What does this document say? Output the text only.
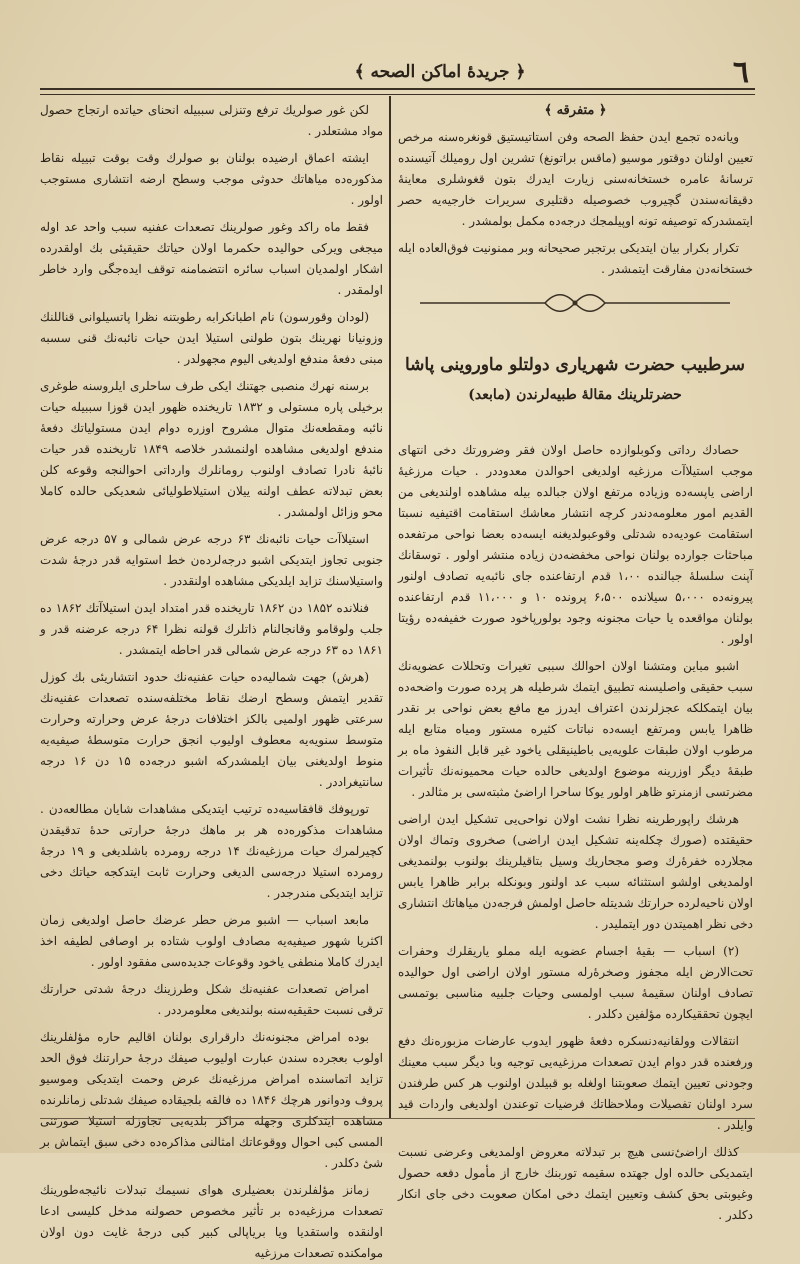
٦
﴿ جريدهٔ اماكن الصحه ﴾
﴿ متفرقه ﴾

ویانه‌ده تجمع ایدن حفظ الصحه وفن استاتیستیق قونغره‌سنه مرخص تعیین اولنان دوقتور موسیو (ماقس براتونغ) تشرین اول رومیلك آتیسنده ترسانهٔ عامره خستخانه‌سنی زیارت ایدرك بتون قغوشلری معاینهٔ دقیقانه‌سندن گچیروب خصوصیله دقتلیری سریرات خارجیه‌یه حصر ایتمشدرکه توصیفه تونه اوپیلمجك درجه‌ده مکمل بولمشدر .

تکرار بکرار بیان ایتدیکی برتجبر صحیحانه وبر ممنونیت فوق‌العاده ایله خستخانه‌دن مفارقت ایتمشدر .

سرطبیب حضرت شهریاری دولتلو ماوروینی پاشا
حضرتلرینك مقالهٔ طبیه‌لرندن (مابعد)

حصادك رداتی وكوبلوازده حاصل اولان فقر وضرورتك دخی انتهای موجب استیلاآت مرزغیه اولدیغی احوالدن معدوددر . حیات مرزغیهٔ اراضی یاپسه‌ده وزیاده مرتفع اولان جبالده بیله مشاهده اولندیغی من القدیم امور معلومه‌دندر كرچه انتشار معاشك استقامت اقتیفیه نسبتا استقامت عودیه‌ده شدتلی وقوعبولدیغنه ایسه‌ده بعضا نواحی مرتفعده مباحثات جوارده بولنان نواحی مخفضه‌دن زیاده منتشر اولور . توسقانك آپنت سلسلهٔ جبالنده ۱،۰۰ قدم ارتفاعنده جای نائبه‌یه تصادف اولنور پیرونه‌ده ۵،۰۰۰ سیلانده ۶،۵۰۰ پرونده ۱۰ و ۱۱،۰۰۰ قدم ارتفاعنده بولنان مواقعده یا حیات مجنونه وجود بولورپاخود صورت خفیفه‌ده رؤیتا اولور .

اشبو مباین ومتشنا اولان احوالك سببی تغیرات وتحللات عضویه‌نك سبب حقیقی واصلیسنه تطبیق ایتمك شرطیله هر پرده صورت واضحه‌ده بیان ایتمكلكه عجزلرندن اعتراف ایدرز مع مافع بعض نواحی بر نقدر ظاهرا یابس ومرتفع ایسه‌ده نباتات کثیره مستور ومیاه متابع ایله مرطوب اولان طبقات علویه‌یی باطینیقلی یاخود غیر قابل النفوذ ماه بر طبقهٔ دیگر اوزرینه موضوع اولدیغی حالده حیات محمیونه‌نك تأثیرات مضرتسی ازمنرتو ظاهر اولور یوكا ساحرا اراضیٔ مثبته‌سی بر مثالدر .

هرشك راپورطرینه نظرا نشت اولان نواحی‌یی تشکیل ایدن اراضی حقیقتده (صورك چكله‌ینه تشکیل ایدن اراضی) صخروی وتماك اولان مجلارده خفرهٔ‌رك وصو مجحاریك وسیل بتاقیلرینك بولنوب بولنمدیغی اولمدیغی اولشو استثنائه سبب عد اولنور وبونکله برابر ظاهرا یابس اولان ناحیه‌لرده حرارتك شدیتله حاصل اولمش فرجه‌دن میاهاتك انتشاری دخی نظر اهمیتدن دور ایتملیدر .

(۲) اسباب — بقیهٔ اجسام عضویه ایله مملو یاریقلرك وحفرات تحت‌الارض ایله مجفوز وصخرهٔ‌رله مستور اولان اراضی اول حوالیده تصادف اولنان سقیمهٔ سبب اولمسی وحیات جلبیه مناسبی بوتمسی ایچون تحققیکارده مؤلفین دکلدر .

انتقالات وولقانیه‌دنسکره دفعهٔ ظهور ایدوب عارضات مزبوره‌نك دفع ورفعنده قدر دوام ایدن تصعدات مرزغیه‌یی توجیه وبا دیگر سبب معینك وجو‌دنی تعیین ایتمك صعوبتنا اولغله بو قبیلدن اولنوب هر كس طرفندن سرد اولنان تفصیلات وملاحظاتك فرضیات توعندن اولدیغی واردات قید وایلدر .

كذلك اراضیٔ‌نسی هیچ بر تبدلاته معروض اولمدیغی وعرضی نسبت ایتمدیکی حالده اول جهتده سقیمه توربنك خارج از مأمول دفعه حصول وغیوبتی بحق كشف وتعیین ایتمك دخی امکان صعوبت دخی جای انکار دکلدر .

لكن غور صولریك ترفع وتنزلی سببیله انحنای حیاتده ارتجاج حصول مواد مشتعلدر .

ایشته اعماق ارضیده بولنان بو صولرك وقت بوقت تبییله نقاط مذكوره‌ده میاهاتك حدوثی موجب وسطح ارضه انتشاری مستوجب اولور .

فقط ماه راكد وغور صولرینك تصعدات عفنیه سبب واحد عد اوله میجغی ویركی حوالیده حكمرما اولان حیاتك حقیقیئی بك اولقدرده اشكار اولمدیان اسباب سائره انتضمامنه توقف ایده‌جگی وارد خاطر اولمقدر .

(لودان وقورسون) نام اطبانکرابه رطوبتنه نظرا پاتسیلوانی قناللنك وزونیانا نهرینك بتون طولنی استیلا ایدن حیات نائبه‌نك قنی سسبه مبنی دفعهٔ مندفع اولدیغی الیوم مجهولدر .

برسنه نهرك منصبی جهتنك ایکی طرف ساحلری ایلروسنه طوغری برخیلی پاره مستولی و ۱۸۳۲ تاریخنده ظهور ایدن قوزا سببیله حیات نائبه ومقطعه‌نك متوال مشروح اوزره دوام ایدن مستولیاتك دفعهٔ مندفع اولدیغی مشاهده اولنمشدر خلاصه ۱۸۴۹ تاریخنده قدر حیات نائبهٔ نادرا تصادف اولنوب رومانلرك وارداتی احوالنجه وقوعه كلن بعض تبدلاته عطف اولنه ییلان استیلاطولیائی شعدیکی حالده کاملا محو وزائل اولمشدر .

استیلاآت حیات نائبه‌نك ۶۳ درجه عرض شمالی و ۵۷ درجه عرض جنوبی تجاوز ایتدیکی اشبو درجه‌لرده‌ن خط استوایه قدر درجهٔ شدت واستیلاسنك تزاید ایلدیکی مشاهده اولنقددر .

فنلانده ۱۸۵۲ دن ۱۸۶۲ تاریخنده قدر امتداد ایدن استیلاآتك ۱۸۶۲ ده جلب ولوقامو وقانجالنام ذاتلرك قولنه نظرا ۶۴ درجه عرضنه قدر و ۱۸۶۱ ده ۶۳ درجه عرض شمالی قدر احاطه ایتمشدر .

(هرش) جهت شمالیه‌ده حیات عفنیه‌نك حدود انتشاریئی بك کوزل تقدیر ایتمش وسطح ارضك نقاط مختلفه‌سنده تصعدات عفنیه‌نك سرعتی ظهور اولمیی بالكز اختلافات درجهٔ عرض وحرارته وحرارت متوسط سنویه‌یه معطوف اولیوب انجق حرارت متوسطهٔ صیفیه‌یه منوط اولدیغنی بیان ایلمشدركه اشبو درجه‌ده ۱۵ دن ۱۶ درجه سانتیغراددر .

تورپوفك قافقاسیه‌ده ترتیب ایتدیکی مشاهدات شایان مطالعه‌دن . مشاهدات مذكوره‌ده هر بر ماهك درجهٔ حرارتی حدهٔ تدقیقدن كچیرلمرك حیات مرزغیه‌نك ۱۴ درجه رومرده باشلدیغی و ۱۹ درجهٔ رومرده استیلا درجه‌سی الدیغی وحرارت ثابت ایتدكجه حیاتك دخی تزاید ایتدیکی مندرجدر .

مابعد اسباب — اشبو مرض حطر عرضك حاصل اولدیغی زمان اكثریا شهور صیفیه‌یه مصادف اولوب شتاده بر اوصافی لطیفه اخذ ایدرك کاملا منطفی یاخود وقوعات جدیده‌سی مفقود اولور .

امراض تصعدات عفنیه‌نك شكل وطرزینك درجهٔ شدتی حرارتك ترقی نسبت حقیقیه‌سنه بولندیغی معلومرددر .

بوده امراض مجنونه‌نك دارقراری بولنان اقالیم حاره مؤلفلرینك اولوب بعجرده سندن عبارت اولیوب صیفك درجهٔ حرارتنك فوق الحد تزاید اتماسنده امراض مرزغیه‌نك عرض وحمت ایتدیکی وموسیو پروف ودوانور هرچك ۱۸۴۶ ده فالقه بلجیقاده صیفك شدتلی زمانلرنده مشاهده ایتدكلری وجهله مراكز بلدیه‌یی تجاوزله استیلا صورتنی المسی كبی احوال ووقوعاتك امثالنی مذاكره‌ده دخی سبق ایتماش بر شیٔ دکلدر .

زمانز مؤلفلرندن بعضیلری هوای نسیمك تبدلات نائیجه‌طورینك تصعدات مرزغیه‌ده بر تأثیر مخصوص حصولنه مدخل كلیسی ادعا اولنقده واستقدیا ویا بریاپالی كبیر كبی درجهٔ غایت دون اولان موامكنده تصعدات مرزغیه
